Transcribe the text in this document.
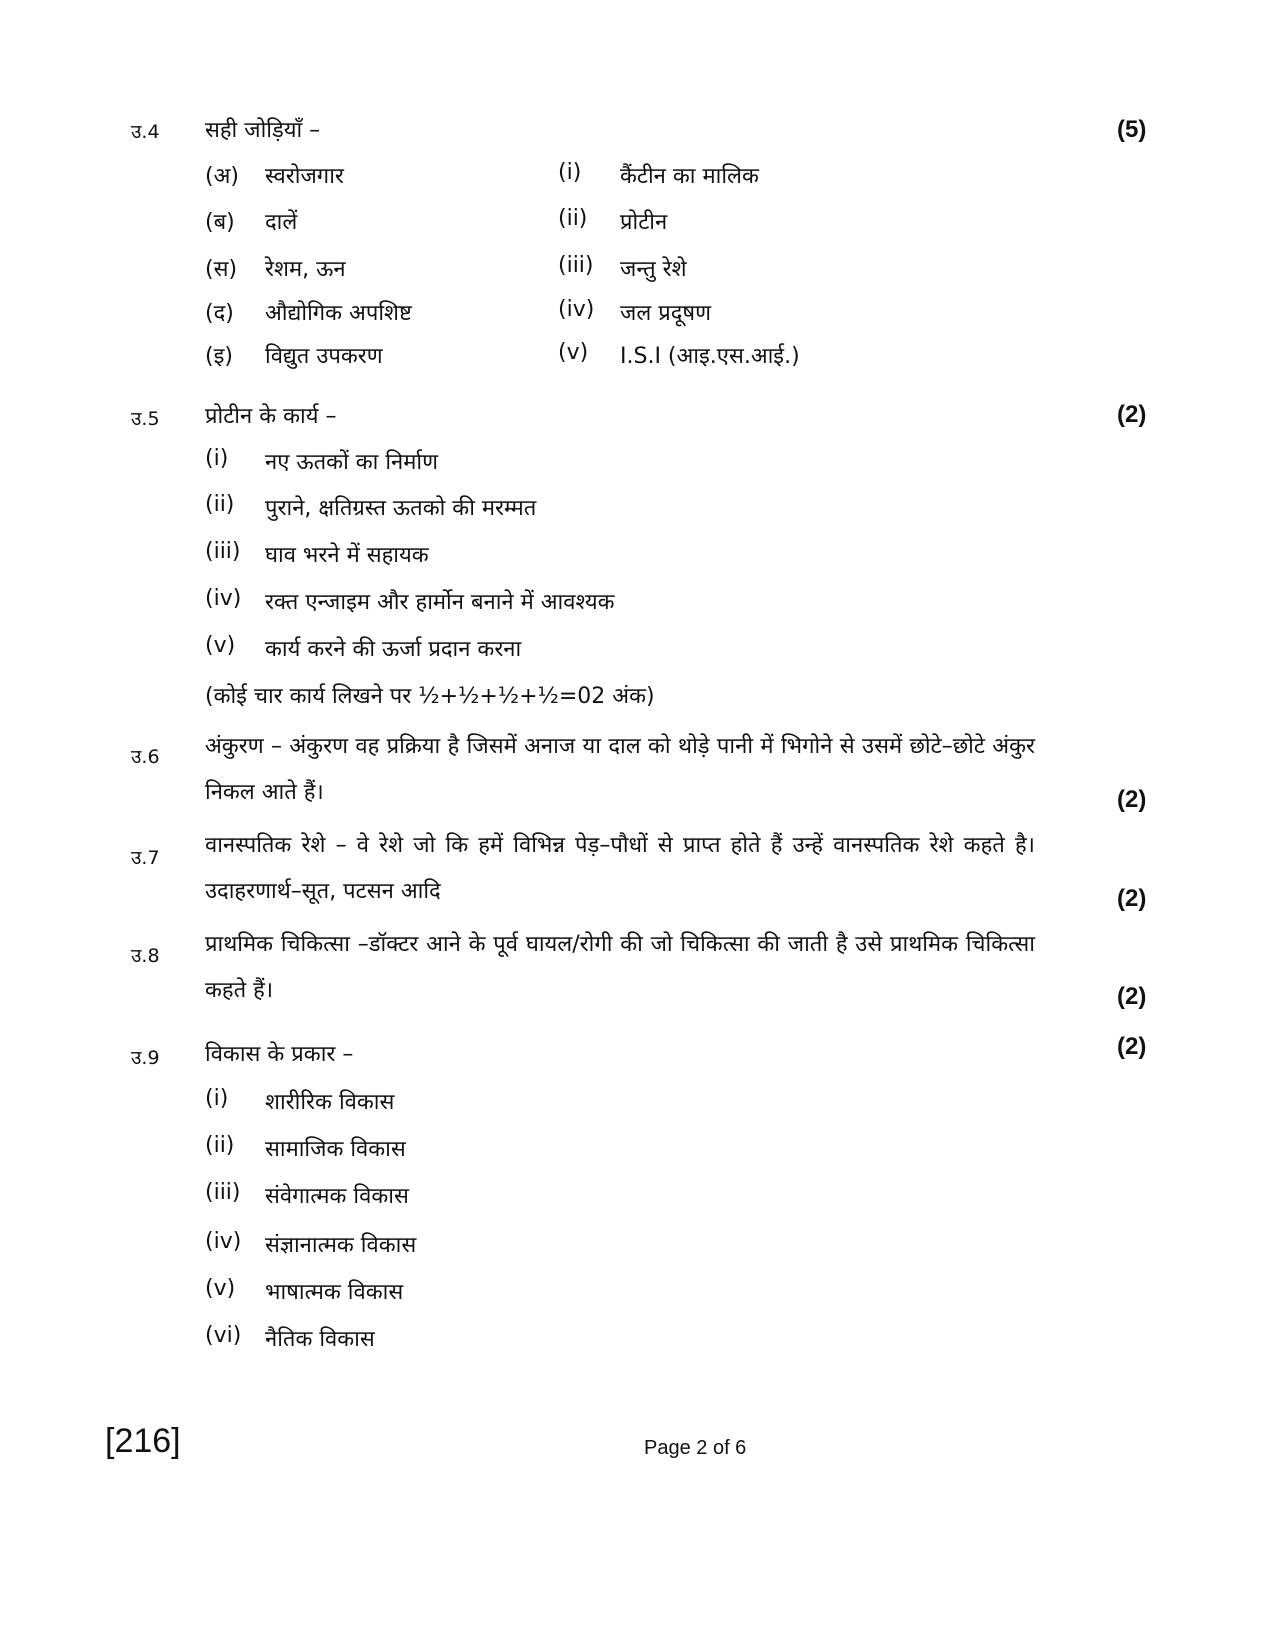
उ.4 सही जोड़ियाँ –	(5)
(अ) स्वरोजगार	(i) कैंटीन का मालिक
(ब) दालें	(ii) प्रोटीन
(स) रेशम, ऊन	(iii) जन्तु रेशे
(द) औद्योगिक अपशिष्ट	(iv) जल प्रदूषण
(इ) विद्युत उपकरण	(v) I.S.I (आइ.एस.आई.)
उ.5 प्रोटीन के कार्य –	(2)
(i) नए ऊतकों का निर्माण
(ii) पुराने, क्षतिग्रस्त ऊतको की मरम्मत
(iii) घाव भरने में सहायक
(iv) रक्त एन्जाइम और हार्मोन बनाने में आवश्यक
(v) कार्य करने की ऊर्जा प्रदान करना
(कोई चार कार्य लिखने पर ½+½+½+½=02 अंक)
उ.6 अंकुरण – अंकुरण वह प्रक्रिया है जिसमें अनाज या दाल को थोड़े पानी में भिगोने से उसमें छोटे–छोटे अंकुर निकल आते हैं।	(2)
उ.7 वानस्पतिक रेशे – वे रेशे जो कि हमें विभिन्न पेड़–पौधों से प्राप्त होते हैं उन्हें वानस्पतिक रेशे कहते है। उदाहरणार्थ–सूत, पटसन आदि	(2)
उ.8 प्राथमिक चिकित्सा –डॉक्टर आने के पूर्व घायल/रोगी की जो चिकित्सा की जाती है उसे प्राथमिक चिकित्सा कहते हैं।	(2)
उ.9 विकास के प्रकार –	(2)
(i) शारीरिक विकास
(ii) सामाजिक विकास
(iii) संवेगात्मक विकास
(iv) संज्ञानात्मक विकास
(v) भाषात्मक विकास
(vi) नैतिक विकास
[216]	Page 2 of 6
